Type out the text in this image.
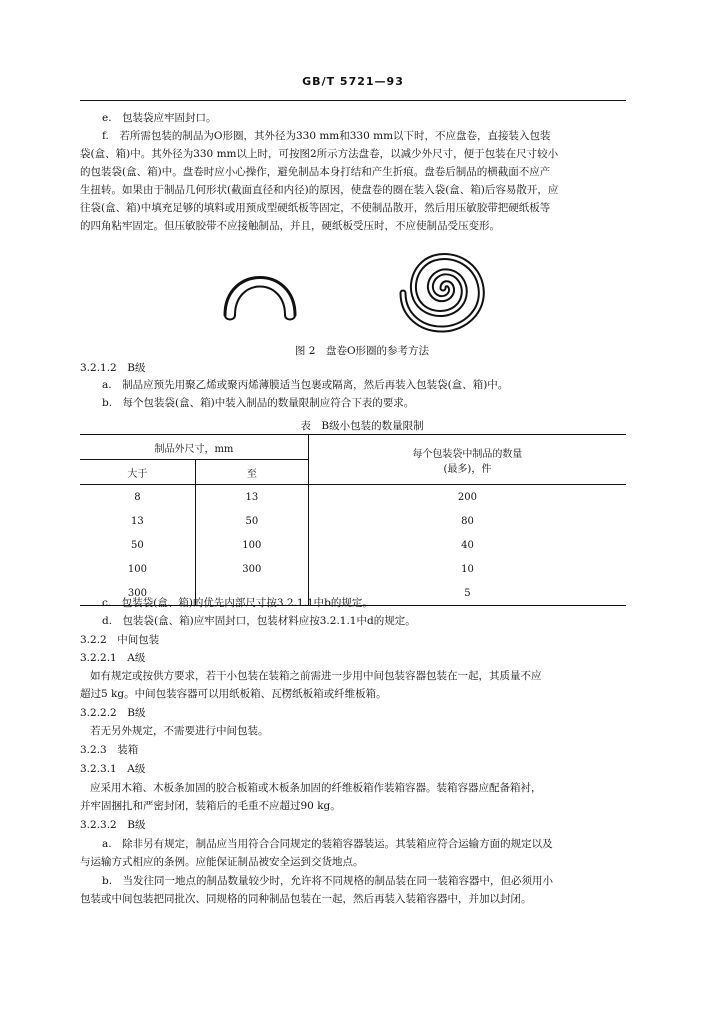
GB/T 5721—93
e.　包装袋应牢固封口。
f.　若所需包装的制品为O形圈，其外径为330 mm和330 mm以下时，不应盘卷，直接装入包装
袋(盒、箱)中。其外径为330 mm以上时，可按图2所示方法盘卷，以减少外尺寸，便于包装在尺寸较小
的包装袋(盒、箱)中。盘卷时应小心操作，避免制品本身打结和产生折痕。盘卷后制品的横截面不应产
生扭转。如果由于制品几何形状(截面直径和内径)的原因，使盘卷的圈在装入袋(盒、箱)后容易散开，应
往袋(盒、箱)中填充足够的填料或用预成型硬纸板等固定，不使制品散开，然后用压敏胶带把硬纸板等
的四角粘牢固定。但压敏胶带不应接触制品，并且，硬纸板受压时，不应使制品受压变形。
图 2　盘卷O形圈的参考方法
3.2.1.2　B级
a.　制品应预先用聚乙烯或聚丙烯薄膜适当包裹或隔离，然后再装入包装袋(盒、箱)中。
b.　每个包装袋(盒、箱)中装入制品的数量限制应符合下表的要求。
表　B级小包装的数量限制
制品外尺寸，mm		每个包装袋中制品的数量
(最多)，件
大于	至	
8	13	200
13	50	80
50	100	40
100	300	10
300		5
c.　包装袋(盒、箱)的优先内部尺寸按3.2.1.1中b的规定。
d.　包装袋(盒、箱)应牢固封口，包装材料应按3.2.1.1中d的规定。
3.2.2　中间包装
3.2.2.1　A级
如有规定或按供方要求，若干小包装在装箱之前需进一步用中间包装容器包装在一起，其质量不应
超过5 kg。中间包装容器可以用纸板箱、瓦楞纸板箱或纤维板箱。
3.2.2.2　B级
若无另外规定，不需要进行中间包装。
3.2.3　装箱
3.2.3.1　A级
应采用木箱、木板条加固的胶合板箱或木板条加固的纤维板箱作装箱容器。装箱容器应配备箱衬，
并牢固捆扎和严密封闭，装箱后的毛重不应超过90 kg。
3.2.3.2　B级
a.　除非另有规定，制品应当用符合合同规定的装箱容器装运。其装箱应符合运输方面的规定以及
与运输方式相应的条例。应能保证制品被安全运到交货地点。
b.　当发往同一地点的制品数量较少时，允许将不同规格的制品装在同一装箱容器中，但必须用小
包装或中间包装把同批次、同规格的同种制品包装在一起，然后再装入装箱容器中，并加以封闭。
